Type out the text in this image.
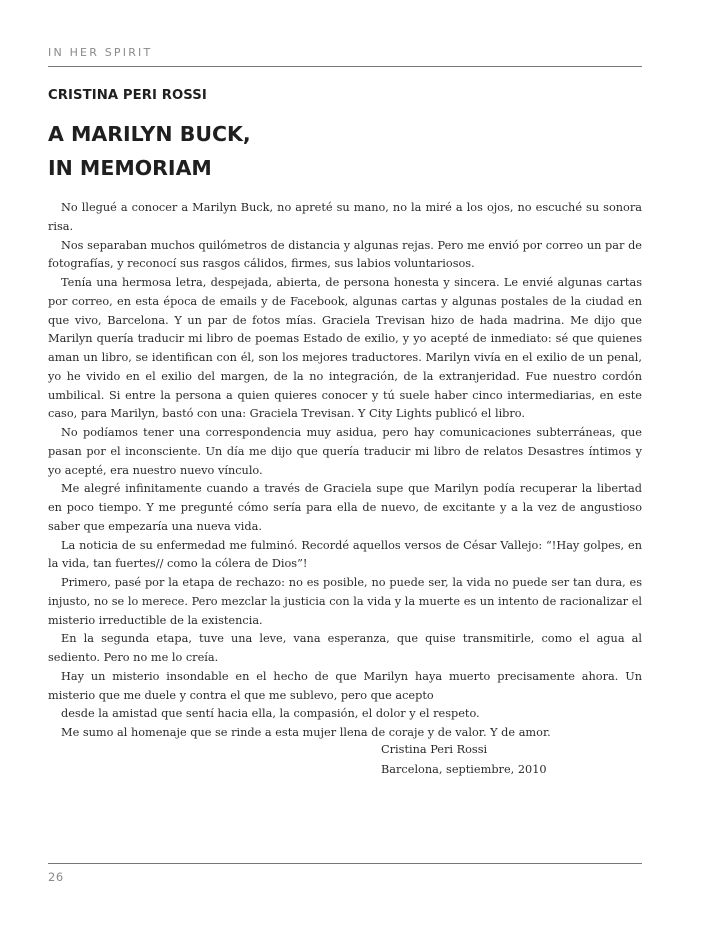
IN HER SPIRIT
CRISTINA PERI ROSSI
A MARILYN BUCK,
IN MEMORIAM

No llegué a conocer a Marilyn Buck, no apreté su mano, no la miré a los ojos, no escuché su sonora risa.

Nos separaban muchos quilómetros de distancia y algunas rejas. Pero me envió por correo un par de fotografías, y reconocí sus rasgos cálidos, firmes, sus labios voluntariosos.

Tenía una hermosa letra, despejada, abierta, de persona honesta y sincera. Le envié algunas cartas por correo, en esta época de emails y de Facebook, algunas cartas y algunas postales de la ciudad en que vivo, Barcelona. Y un par de fotos mías. Graciela Trevisan hizo de hada madrina. Me dijo que Marilyn quería traducir mi libro de poemas Estado de exilio, y yo acepté de inmediato: sé que quienes aman un libro, se identifican con él, son los mejores traductores. Marilyn vivía en el exilio de un penal, yo he vivido en el exilio del margen, de la no integración, de la extranjeridad. Fue nuestro cordón umbilical. Si entre la persona a quien quieres conocer y tú suele haber cinco intermediarias, en este caso, para Marilyn, bastó con una: Graciela Trevisan. Y City Lights publicó el libro.

No podíamos tener una correspondencia muy asidua, pero hay comunicaciones subterráneas, que pasan por el inconsciente. Un día me dijo que quería traducir mi libro de relatos Desastres íntimos y yo acepté, era nuestro nuevo vínculo.

Me alegré infinitamente cuando a través de Graciela supe que Marilyn podía recuperar la libertad en poco tiempo. Y me pregunté cómo sería para ella de nuevo, de excitante y a la vez de angustioso saber que empezaría una nueva vida.

La noticia de su enfermedad me fulminó. Recordé aquellos versos de César Vallejo: “!Hay golpes, en la vida, tan fuertes// como la cólera de Dios”!

Primero, pasé por la etapa de rechazo: no es posible, no puede ser, la vida no puede ser tan dura, es injusto, no se lo merece. Pero mezclar la justicia con la vida y la muerte es un intento de racionalizar el misterio irreductible de la existencia.

En la segunda etapa, tuve una leve, vana esperanza, que quise transmitirle, como el agua al sediento. Pero no me lo creía.

Hay un misterio insondable en el hecho de que Marilyn haya muerto precisamente ahora. Un misterio que me duele y contra el que me sublevo, pero que acepto

desde la amistad que sentí hacia ella, la compasión, el dolor y el respeto.

Me sumo al homenaje que se rinde a esta mujer llena de coraje y de valor. Y de amor.

Cristina Peri Rossi
Barcelona, septiembre, 2010
26
